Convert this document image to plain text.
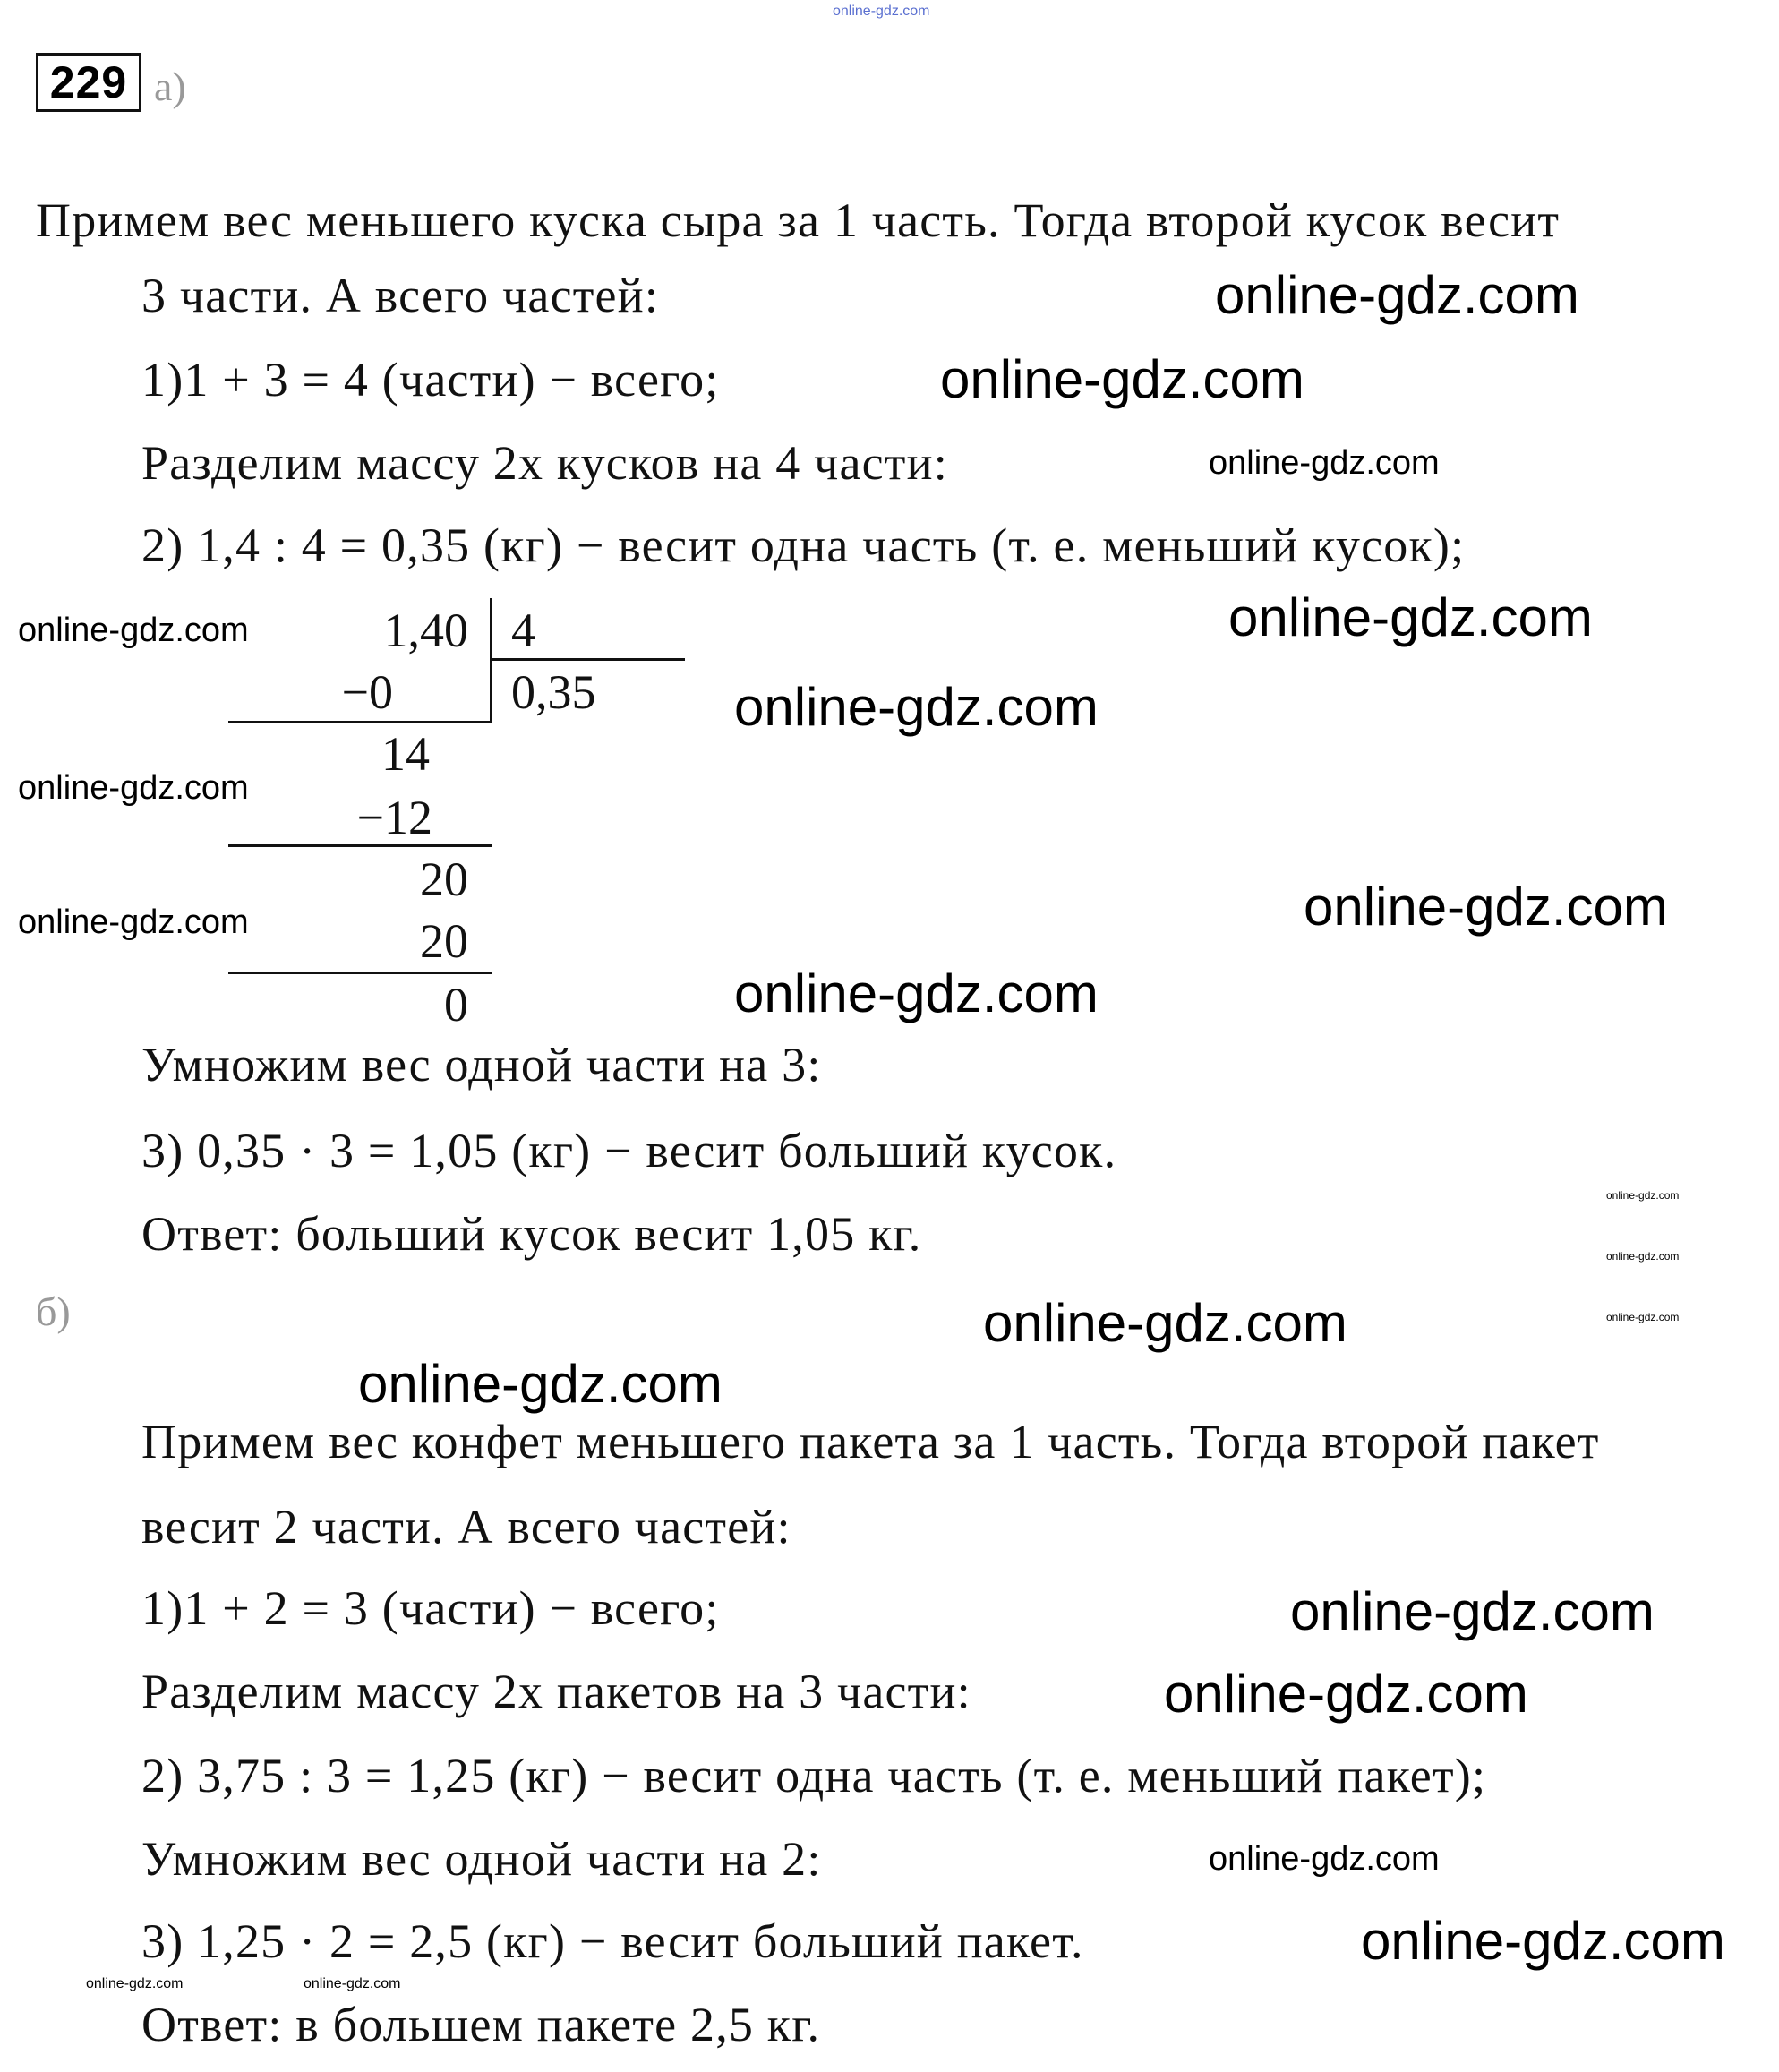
online-gdz.com
229 а)
Примем вес меньшего куска сыра за 1 часть. Тогда второй кусок весит
3 части. А всего частей:
1)1 + 3 = 4 (части) − всего;
Разделим массу 2х кусков на 4 части:
2) 1,4 : 4 = 0,35 (кг) − весит одна часть (т. е. меньший кусок);
1,40 4
0,35
−0
14
−12
20
20
0
Умножим вес одной части на 3:
3) 0,35 · 3 = 1,05 (кг) − весит больший кусок.
Ответ: больший кусок весит 1,05 кг.
б)
Примем вес конфет меньшего пакета за 1 часть. Тогда второй пакет
весит 2 части. А всего частей:
1)1 + 2 = 3 (части) − всего;
Разделим массу 2х пакетов на 3 части:
2) 3,75 : 3 = 1,25 (кг) − весит одна часть (т. е. меньший пакет);
Умножим вес одной части на 2:
3) 1,25 · 2 = 2,5 (кг) − весит больший пакет.
Ответ: в большем пакете 2,5 кг.
online-gdz.com
online-gdz.com
online-gdz.com
online-gdz.com
online-gdz.com
online-gdz.com
online-gdz.com
online-gdz.com
online-gdz.com
online-gdz.com
online-gdz.com
online-gdz.com
online-gdz.com
online-gdz.com
online-gdz.com
online-gdz.com
online-gdz.com
online-gdz.com
online-gdz.com
online-gdz.com	online-gdz.com
